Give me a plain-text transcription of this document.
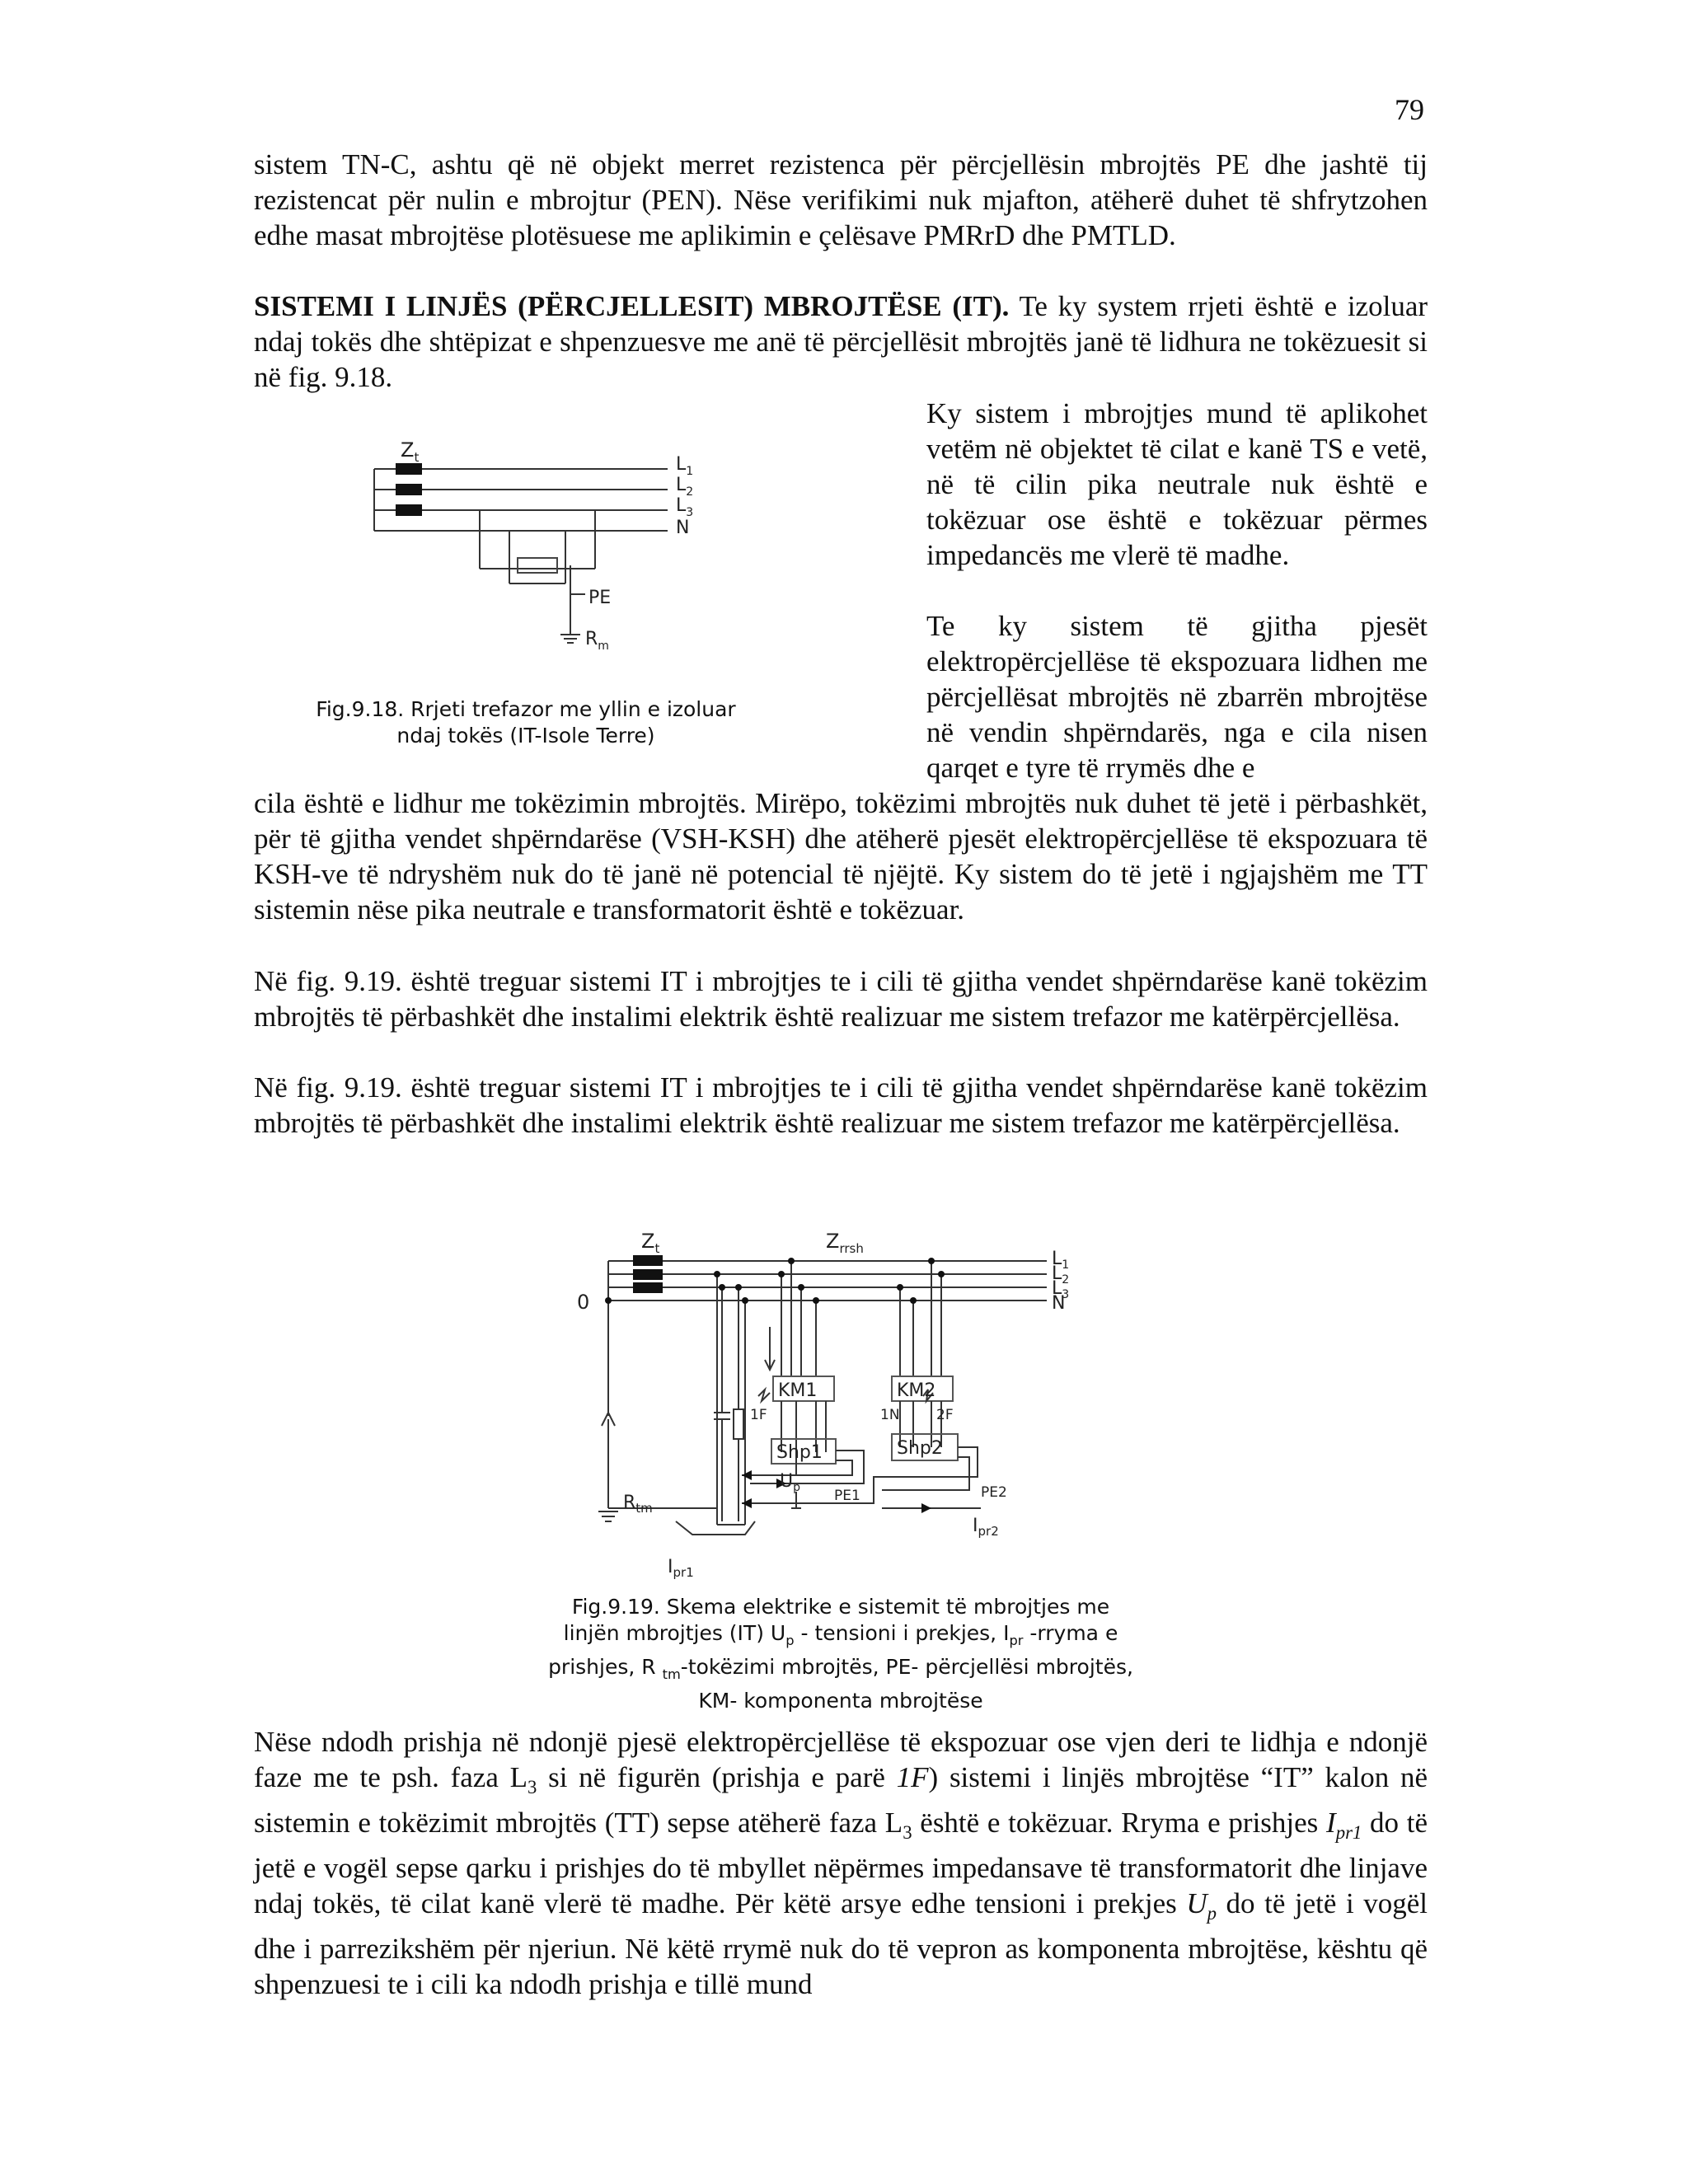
79

sistem TN-C, ashtu që në objekt merret rezistenca për përcjellësin mbrojtës PE dhe jashtë tij rezistencat për nulin e mbrojtur (PEN). Nëse verifikimi nuk mjafton, atëherë duhet të shfrytzohen edhe masat mbrojtëse plotësuese me aplikimin e çelësave PMRrD dhe PMTLD.

SISTEMI I LINJËS (PËRCJELLESIT) MBROJTËSE (IT). Te ky system rrjeti është e izoluar ndaj tokës dhe shtëpizat e shpenzuesve me anë të përcjellësit mbrojtës janë të lidhura ne tokëzuesit si në fig. 9.18.

Ky sistem i mbrojtjes mund të aplikohet vetëm në objektet të cilat e kanë TS e vetë, në të cilin pika neutrale nuk është e tokëzuar ose është e tokëzuar përmes impedancës me vlerë të madhe.

Te ky sistem të gjitha pjesët elektropërcjellëse të ekspozuara lidhen me përcjellësat mbrojtës në zbarrën mbrojtëse në vendin shpërndarës, nga e cila nisen qarqet e tyre të rrymës dhe e

cila është e lidhur me tokëzimin mbrojtës. Mirëpo, tokëzimi mbrojtës nuk duhet të jetë i përbashkët, për të gjitha vendet shpërndarëse (VSH-KSH) dhe atëherë pjesët elektropërcjellëse të ekspozuara të KSH-ve të ndryshëm nuk do të janë në potencial të njëjtë. Ky sistem do të jetë i ngjajshëm me TT sistemin nëse pika neutrale e transformatorit është e tokëzuar.

Në fig. 9.19. është treguar sistemi IT i mbrojtjes te i cili të gjitha vendet shpërndarëse kanë tokëzim mbrojtës të përbashkët dhe instalimi elektrik është realizuar me sistem trefazor me katërpërcjellësa.

Në fig. 9.19. është treguar sistemi IT i mbrojtjes te i cili të gjitha vendet shpërndarëse kanë tokëzim mbrojtës të përbashkët dhe instalimi elektrik është realizuar me sistem trefazor me katërpërcjellësa.

$Z_t$	$L_1$
$L_2$
$L_3$
N
PE
$R_m$

Fig.9.18. Rrjeti trefazor me yllin e izoluar
ndaj tokës (IT-Isole Terre)

$Z_t$	$Z_{rrsh}$	$L_1$
$L_2$
$L_3$
N
0
KM1	KM2
1F	1N	2F
Shp1	Shp2
PE1	PE2
$U_p$
$R_{tm}$
$I_{pr1}$
$I_{pr2}$

Fig.9.19. Skema elektrike e sistemit të mbrojtjes me
linjën mbrojtjes (IT) $U_p$ - tensioni i prekjes, $I_{pr}$ -rryma e
prishjes, R $_{tm}$-tokëzimi mbrojtës, PE- përcjellësi mbrojtës,
KM- komponenta mbrojtëse

Nëse ndodh prishja në ndonjë pjesë elektropërcjellëse të ekspozuar ose vjen deri te lidhja e ndonjë faze me te psh. faza $L_3$ si në figurën (prishja e parë 1F) sistemi i linjës mbrojtëse “IT” kalon në sistemin e tokëzimit mbrojtës (TT) sepse atëherë faza $L_3$ është e tokëzuar. Rryma e prishjes $I_{pr1}$ do të jetë e vogël sepse qarku i prishjes do të mbyllet nëpërmes impedansave të transformatorit dhe linjave ndaj tokës, të cilat kanë vlerë të madhe. Për këtë arsye edhe tensioni i prekjes $U_p$ do të jetë i vogël dhe i parrezikshëm për njeriun. Në këtë rrymë nuk do të vepron as komponenta mbrojtëse, kështu që shpenzuesi te i cili ka ndodh prishja e tillë mund
